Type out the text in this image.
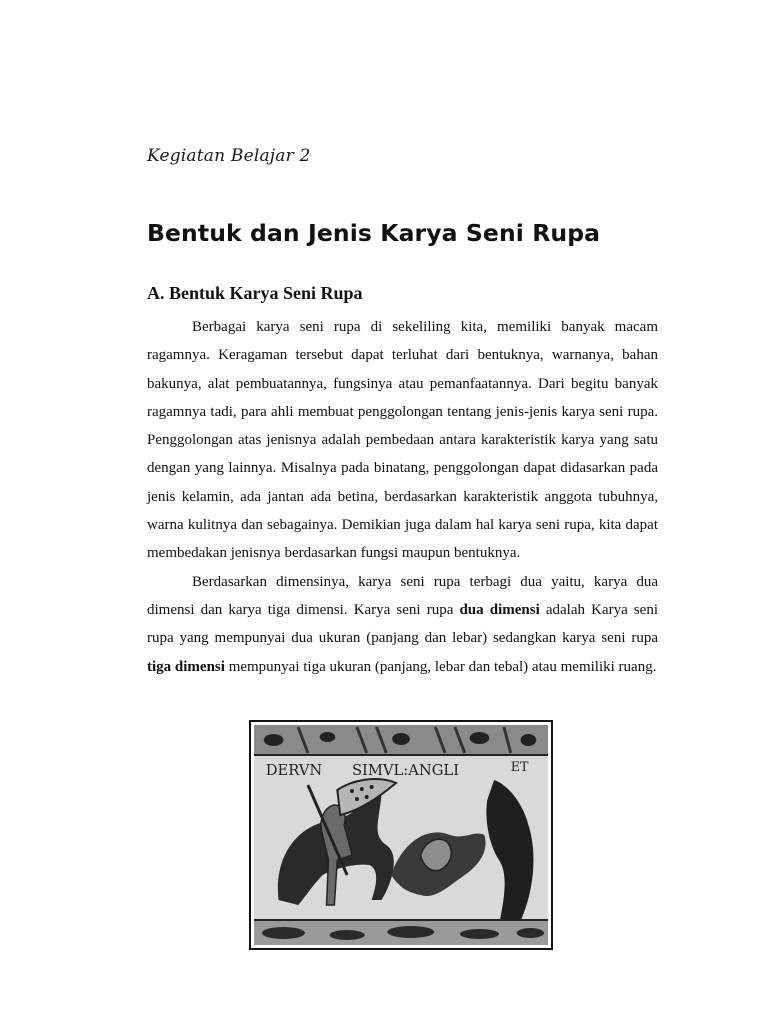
Kegiatan Belajar 2
Bentuk dan Jenis Karya Seni Rupa
A. Bentuk Karya Seni Rupa

Berbagai karya seni rupa di sekeliling kita, memiliki banyak macam ragamnya. Keragaman tersebut dapat terluhat dari bentuknya, warnanya, bahan bakunya, alat pembuatannya, fungsinya atau pemanfaatannya. Dari begitu banyak ragamnya tadi, para ahli membuat penggolongan tentang jenis-jenis karya seni rupa. Penggolongan atas jenisnya adalah pembedaan antara karakteristik karya yang satu dengan yang lainnya. Misalnya pada binatang, penggolongan dapat didasarkan pada jenis kelamin, ada jantan ada betina, berdasarkan karakteristik anggota tubuhnya, warna kulitnya dan sebagainya. Demikian juga dalam hal karya seni rupa, kita dapat membedakan jenisnya berdasarkan fungsi maupun bentuknya.

Berdasarkan dimensinya, karya seni rupa terbagi dua yaitu, karya dua dimensi dan karya tiga dimensi. Karya seni rupa dua dimensi adalah Karya seni rupa yang mempunyai dua ukuran (panjang dan lebar) sedangkan karya seni rupa tiga dimensi mempunyai tiga ukuran (panjang, lebar dan tebal) atau memiliki ruang.

DERVN SIMVL:ANGLI	ET
